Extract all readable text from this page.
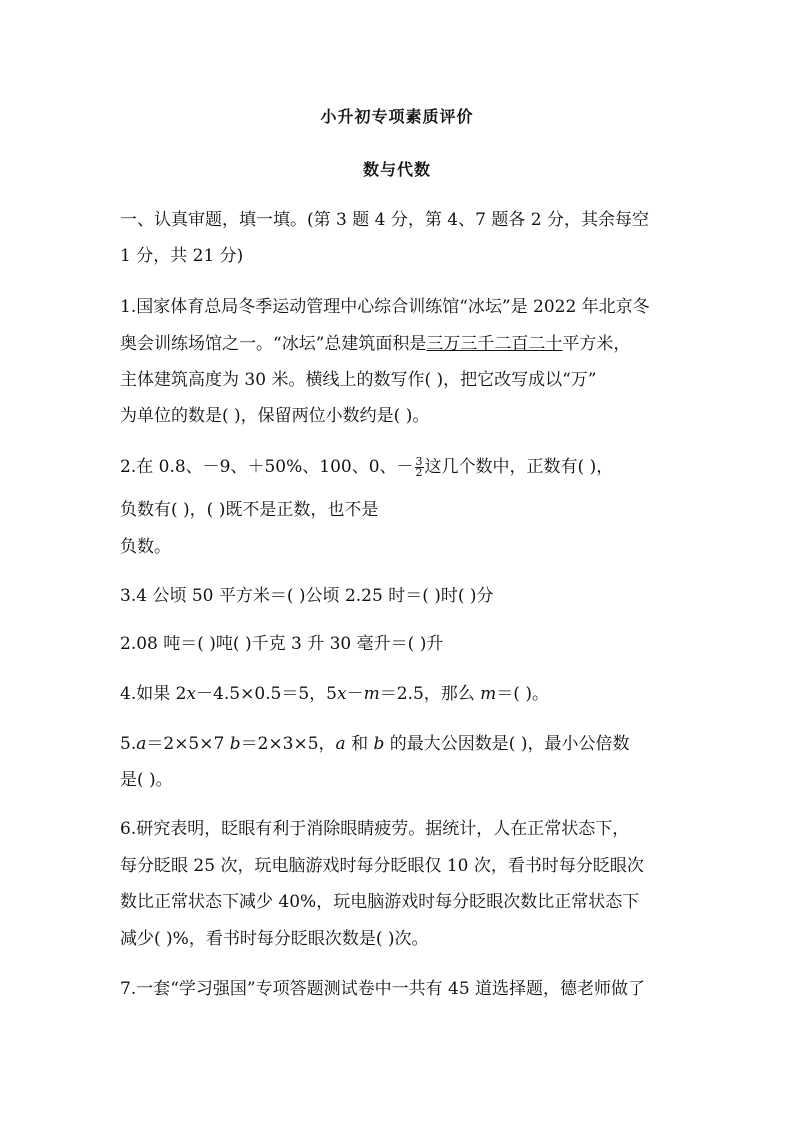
小升初专项素质评价
数与代数
一、认真审题，填一填。(第 3 题 4 分，第 4、7 题各 2 分，其余每空
1 分，共 21 分)
1.国家体育总局冬季运动管理中心综合训练馆“冰坛”是 2022 年北京冬
奥会训练场馆之一。“冰坛”总建筑面积是三万三千二百二十平方米，
主体建筑高度为 30 米。横线上的数写作( )，把它改写成以“万”
为单位的数是( )，保留两位小数约是( )。
2.在 0.8、－9、＋50%、100、0、－ $\frac{3}{2}$ 这几个数中，正数有( )，
负数有( )，( )既不是正数，也不是
负数。
3.4 公顷 50 平方米＝( )公顷 2.25 时＝( )时( )分
2.08 吨＝( )吨( )千克 3 升 30 毫升＝( )升
4.如果 2x－4.5×0.5＝5，5x－m＝2.5，那么 m＝( )。
5.a＝2×5×7 b＝2×3×5，a 和 b 的最大公因数是( )，最小公倍数
是( )。
6.研究表明，眨眼有利于消除眼睛疲劳。据统计，人在正常状态下，
每分眨眼 25 次，玩电脑游戏时每分眨眼仅 10 次，看书时每分眨眼次
数比正常状态下减少 40%，玩电脑游戏时每分眨眼次数比正常状态下
减少( )%，看书时每分眨眼次数是( )次。
7.一套“学习强国”专项答题测试卷中一共有 45 道选择题，德老师做了
